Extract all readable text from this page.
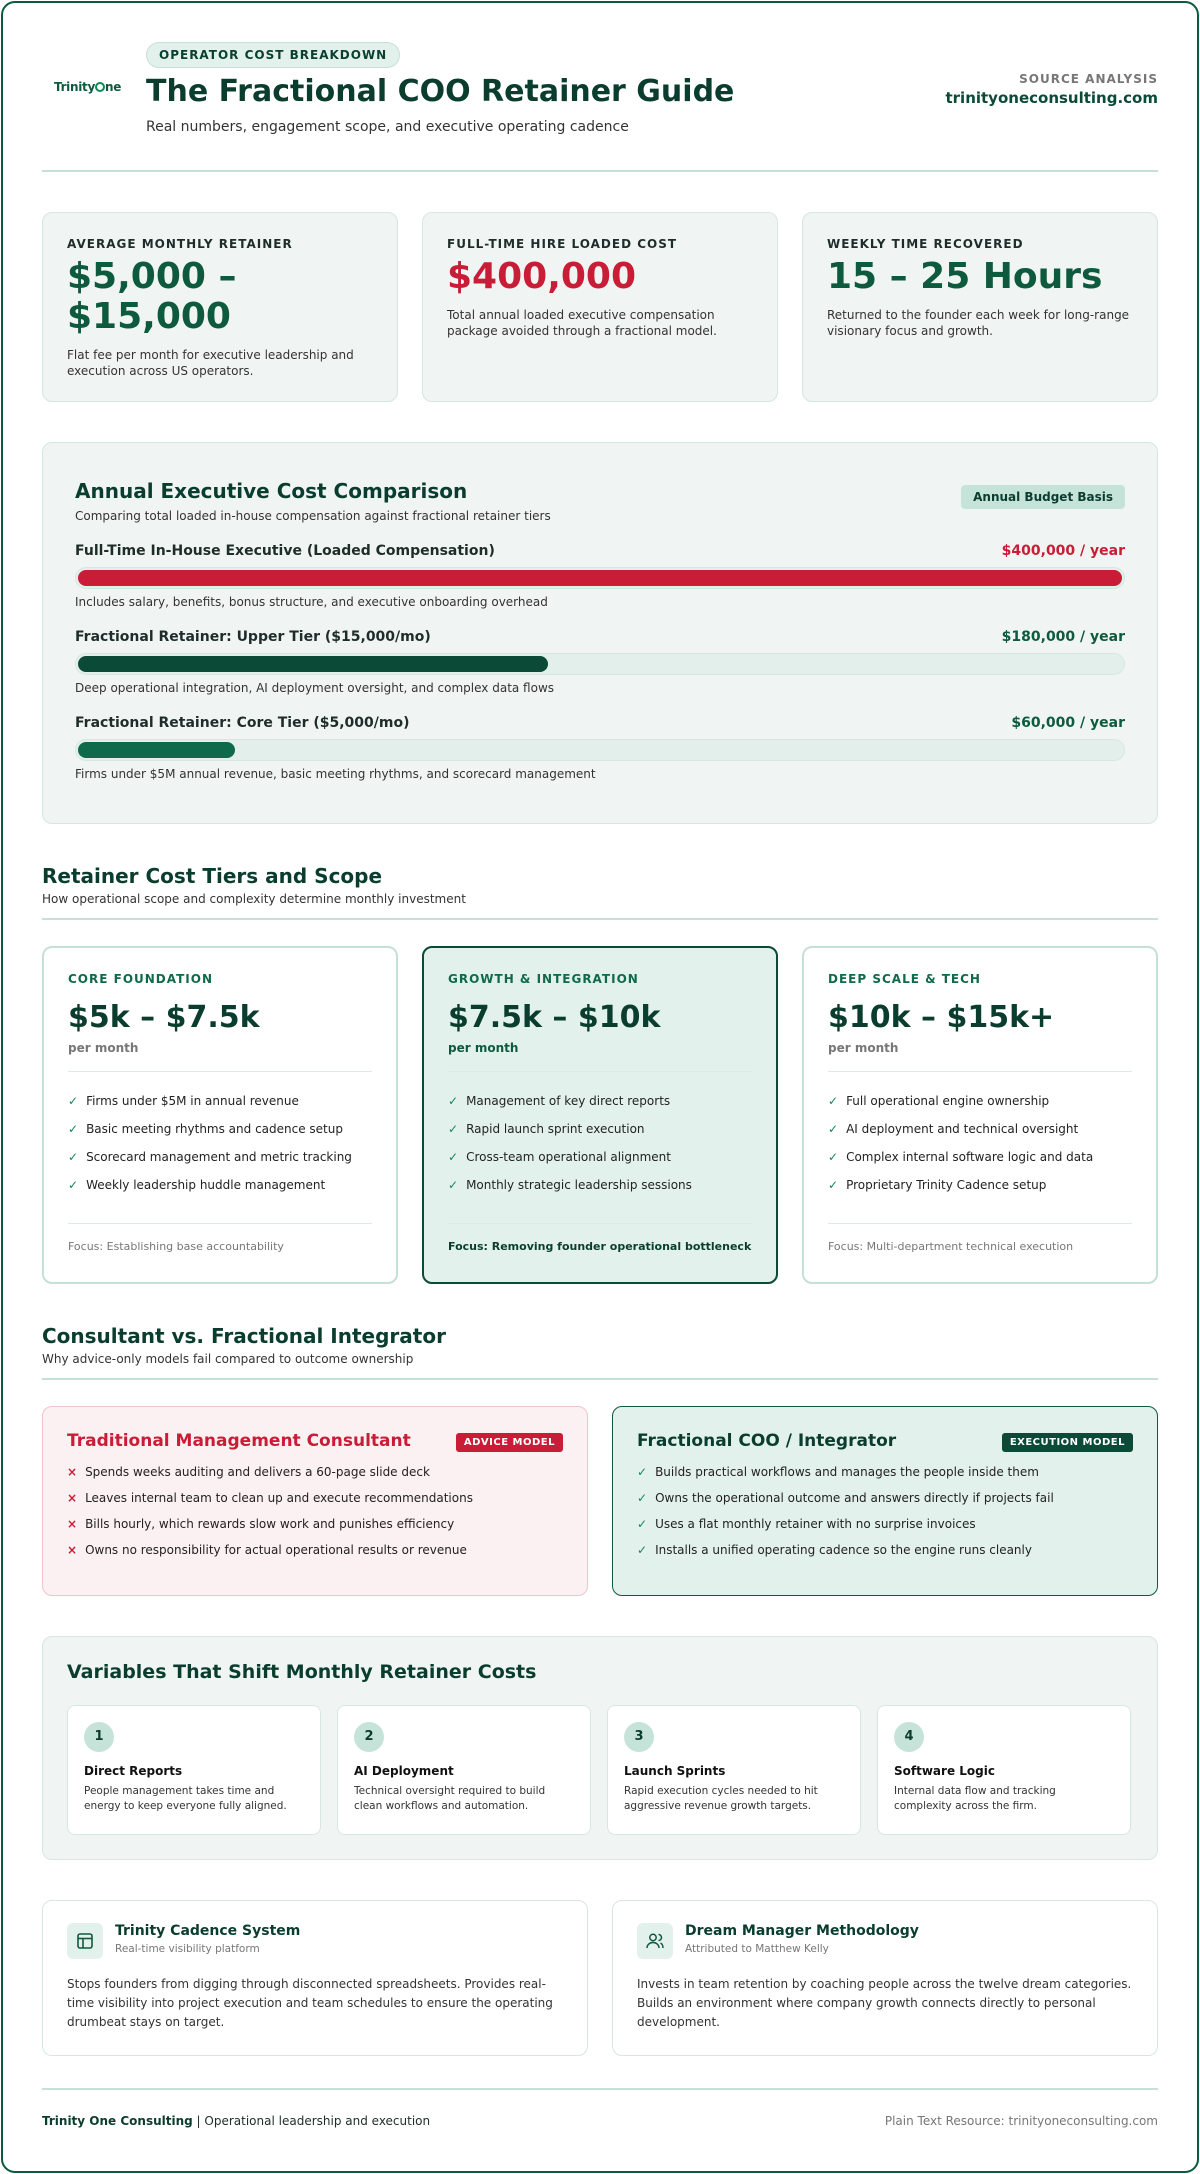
Trinity ne
OPERATOR COST BREAKDOWN
The Fractional COO Retainer Guide
Real numbers, engagement scope, and executive operating cadence
SOURCE ANALYSIS
trinityoneconsulting.com
AVERAGE MONTHLY RETAINER
$5,000 – $15,000
Flat fee per month for executive leadership and execution across US operators.
FULL-TIME HIRE LOADED COST
$400,000
Total annual loaded executive compensation package avoided through a fractional model.
WEEKLY TIME RECOVERED
15 – 25 Hours
Returned to the founder each week for long-range visionary focus and growth.
Annual Executive Cost Comparison
Comparing total loaded in-house compensation against fractional retainer tiers
Annual Budget Basis
Full-Time In-House Executive (Loaded Compensation)	$400,000 / year
Includes salary, benefits, bonus structure, and executive onboarding overhead
Fractional Retainer: Upper Tier ($15,000/mo)	$180,000 / year
Deep operational integration, AI deployment oversight, and complex data flows
Fractional Retainer: Core Tier ($5,000/mo)	$60,000 / year
Firms under $5M annual revenue, basic meeting rhythms, and scorecard management
Retainer Cost Tiers and Scope

How operational scope and complexity determine monthly investment

CORE FOUNDATION
$5k – $7.5k
per month
✓ Firms under $5M in annual revenue
✓ Basic meeting rhythms and cadence setup
✓ Scorecard management and metric tracking
✓ Weekly leadership huddle management
Focus: Establishing base accountability
GROWTH & INTEGRATION
$7.5k – $10k
per month
✓ Management of key direct reports
✓ Rapid launch sprint execution
✓ Cross-team operational alignment
✓ Monthly strategic leadership sessions
Focus: Removing founder operational bottleneck
DEEP SCALE & TECH
$10k – $15k+
per month
✓ Full operational engine ownership
✓ AI deployment and technical oversight
✓ Complex internal software logic and data
✓ Proprietary Trinity Cadence setup
Focus: Multi-department technical execution
Consultant vs. Fractional Integrator

Why advice-only models fail compared to outcome ownership

Traditional Management Consultant	ADVICE MODEL
× Spends weeks auditing and delivers a 60-page slide deck
× Leaves internal team to clean up and execute recommendations
× Bills hourly, which rewards slow work and punishes efficiency
× Owns no responsibility for actual operational results or revenue
Fractional COO / Integrator	EXECUTION MODEL
✓ Builds practical workflows and manages the people inside them
✓ Owns the operational outcome and answers directly if projects fail
✓ Uses a flat monthly retainer with no surprise invoices
✓ Installs a unified operating cadence so the engine runs cleanly
Variables That Shift Monthly Retainer Costs
1
Direct Reports
People management takes time and energy to keep everyone fully aligned.
2
AI Deployment
Technical oversight required to build clean workflows and automation.
3
Launch Sprints
Rapid execution cycles needed to hit aggressive revenue growth targets.
4
Software Logic
Internal data flow and tracking complexity across the firm.
Trinity Cadence System
Real-time visibility platform
Stops founders from digging through disconnected spreadsheets. Provides real-time visibility into project execution and team schedules to ensure the operating drumbeat stays on target.
Dream Manager Methodology
Attributed to Matthew Kelly
Invests in team retention by coaching people across the twelve dream categories. Builds an environment where company growth connects directly to personal development.
Trinity One Consulting | Operational leadership and execution	Plain Text Resource: trinityoneconsulting.com
